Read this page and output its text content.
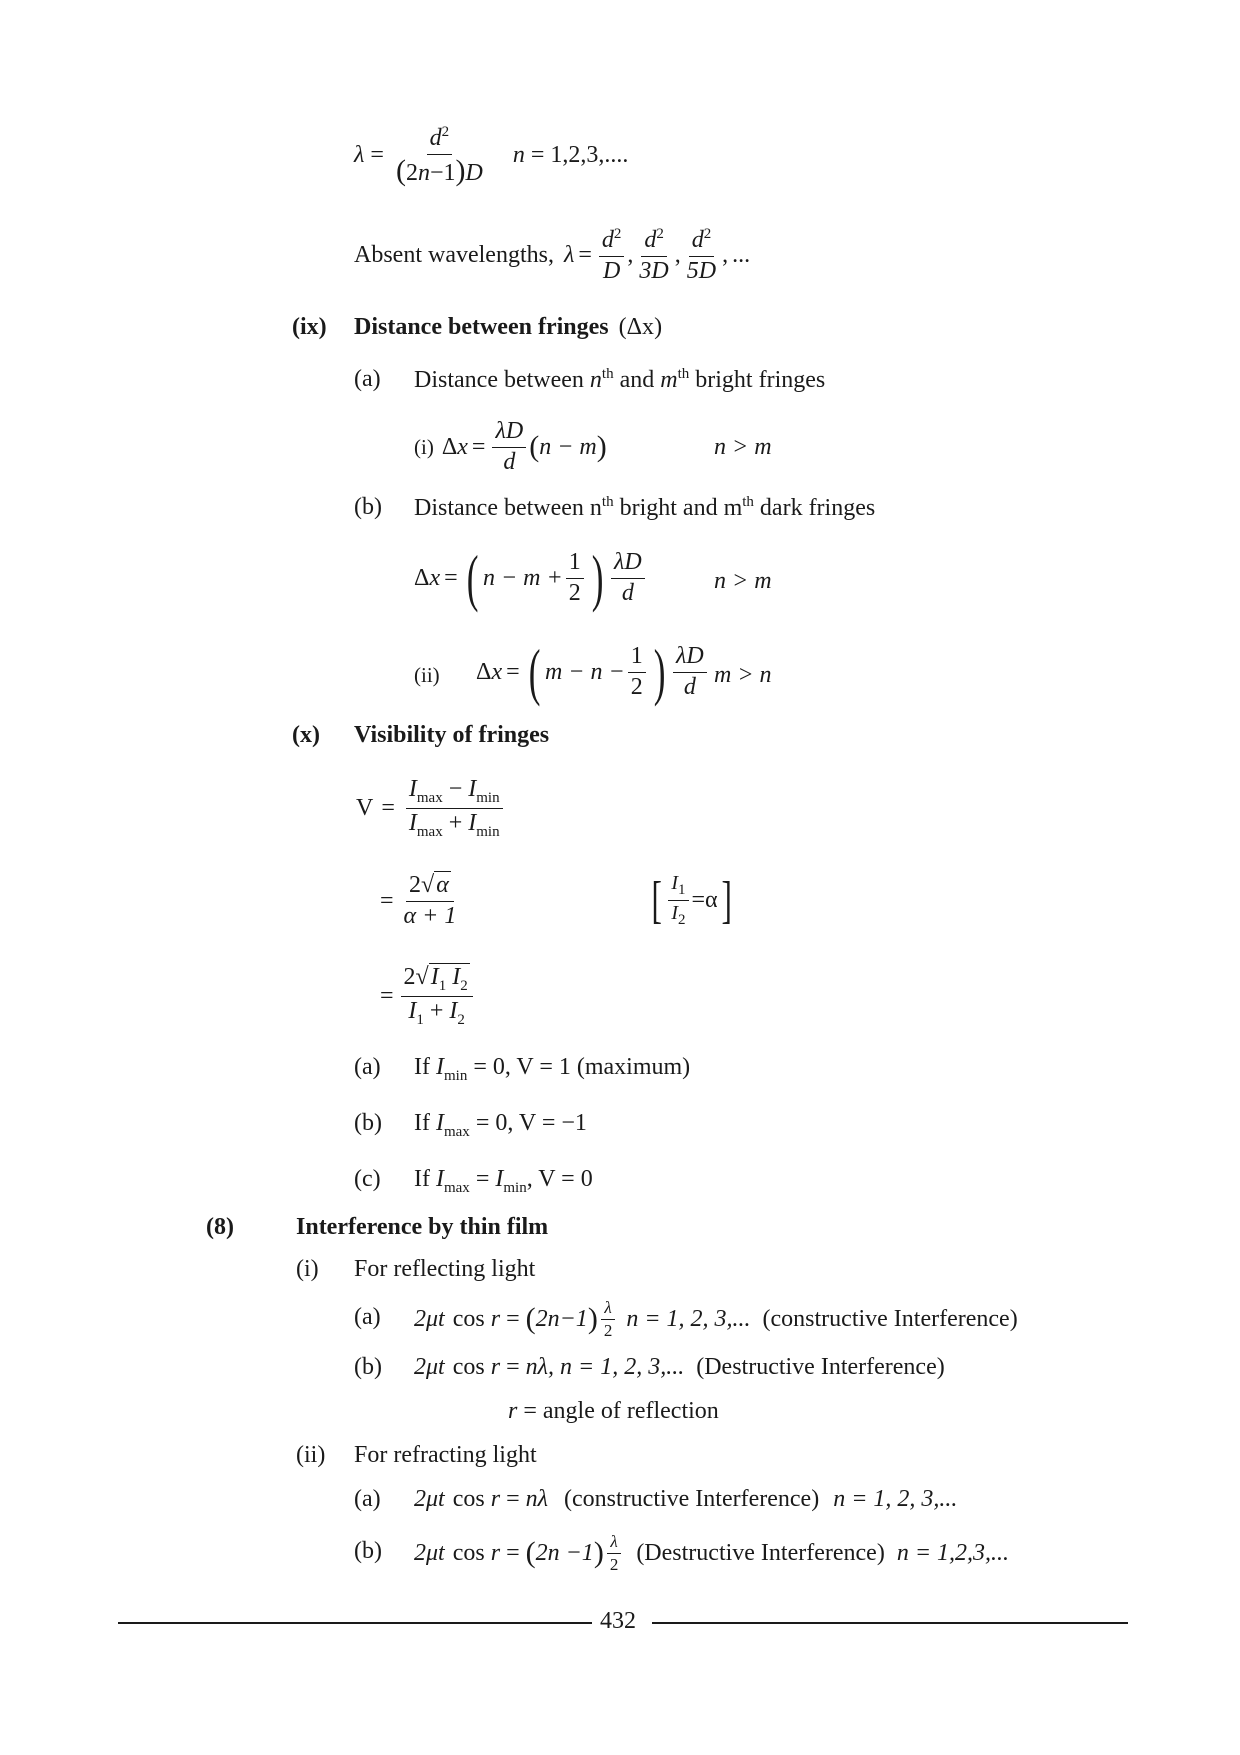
$\lambda = \frac{d^2}{(2n-1)D}$ n = 1,2,3,....
Absent wavelengths, $\lambda = \frac{d^2}{D}$ , $\frac{d^2}{3D}$ , $\frac{d^2}{5D}$ , ...
(ix) Distance between fringes (Δx)
(a) Distance between $n^{th}$ and $m^{th}$ bright fringes
(i) Δ $x = \frac{\lambda D}{d}$ ( n − m )	n > m
(b) Distance between $n^{th}$ bright and $m^{th}$ dark fringes
Δ x = ( $n - m + \frac{1}{2}$ ) $\frac{\lambda D}{d}$	n > m
(ii) Δ x = ( $m - n - \frac{1}{2}$ ) $\frac{\lambda D}{d}$ m > n
(x) Visibility of fringes
$V = \frac{I_{max} - I_{min}}{I_{max} + I_{min}}$
= $\frac{2√\alpha}{\alpha + 1}$	[ $\frac{I_1}{I_2} = \alpha$ ]
= $\frac{2√I_1 I_2}{I_1 + I_2}$
(a) If $I_{min} = 0$, V = 1 (maximum)
(b) If $I_{max} = 0$, V = −1
(c) If $I_{max} = I_{min}$, V = 0
(8)	Interference by thin film
(i) For reflecting light
(a) 2μt cos
r = ( 2n−1 ) $\frac{\lambda}{2}$ n = 1, 2, 3,... (constructive Interference)
(b) 2μt cos
r = nλ , n = 1, 2, 3,... (Destructive Interference)
r = angle of reflection
(ii) For refracting light
(a) 2μt cos
r = nλ (constructive Interference) n = 1, 2, 3,...
(b) 2μt cos
r = ( 2n −1 ) $\frac{\lambda}{2}$ (Destructive Interference) n = 1,2,3,...
432
